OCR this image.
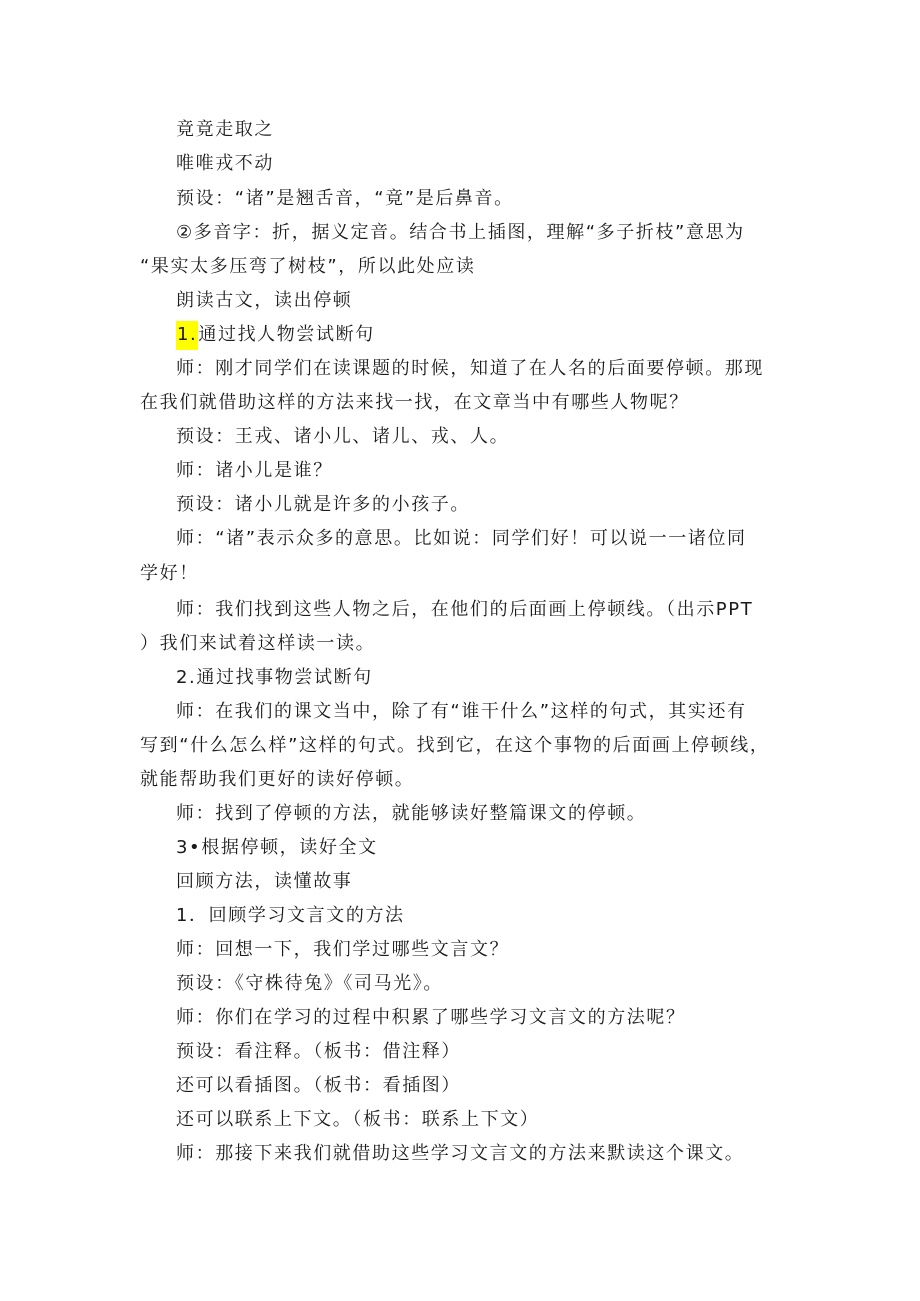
竟竟走取之
唯唯戎不动
预设：“诸”是翘舌音，“竟”是后鼻音。
②多音字：折，据义定音。结合书上插图，理解“多子折枝”意思为
“果实太多压弯了树枝”，所以此处应读
朗读古文，读出停顿
1.通过找人物尝试断句
师：刚才同学们在读课题的时候，知道了在人名的后面要停顿。那现
在我们就借助这样的方法来找一找，在文章当中有哪些人物呢？
预设：王戎、诸小儿、诸儿、戎、人。
师：诸小儿是谁？
预设：诸小儿就是许多的小孩子。
师：“诸”表示众多的意思。比如说：同学们好！可以说一一诸位同
学好！
师：我们找到这些人物之后，在他们的后面画上停顿线。（出示PPT
）我们来试着这样读一读。
2.通过找事物尝试断句
师：在我们的课文当中，除了有“谁干什么”这样的句式，其实还有
写到“什么怎么样”这样的句式。找到它，在这个事物的后面画上停顿线，
就能帮助我们更好的读好停顿。
师：找到了停顿的方法，就能够读好整篇课文的停顿。
3•根据停顿，读好全文
回顾方法，读懂故事
1．回顾学习文言文的方法
师：回想一下，我们学过哪些文言文？
预设：《守株待兔》《司马光》。
师：你们在学习的过程中积累了哪些学习文言文的方法呢？
预设：看注释。（板书：借注释）
还可以看插图。（板书：看插图）
还可以联系上下文。（板书：联系上下文）
师：那接下来我们就借助这些学习文言文的方法来默读这个课文。
